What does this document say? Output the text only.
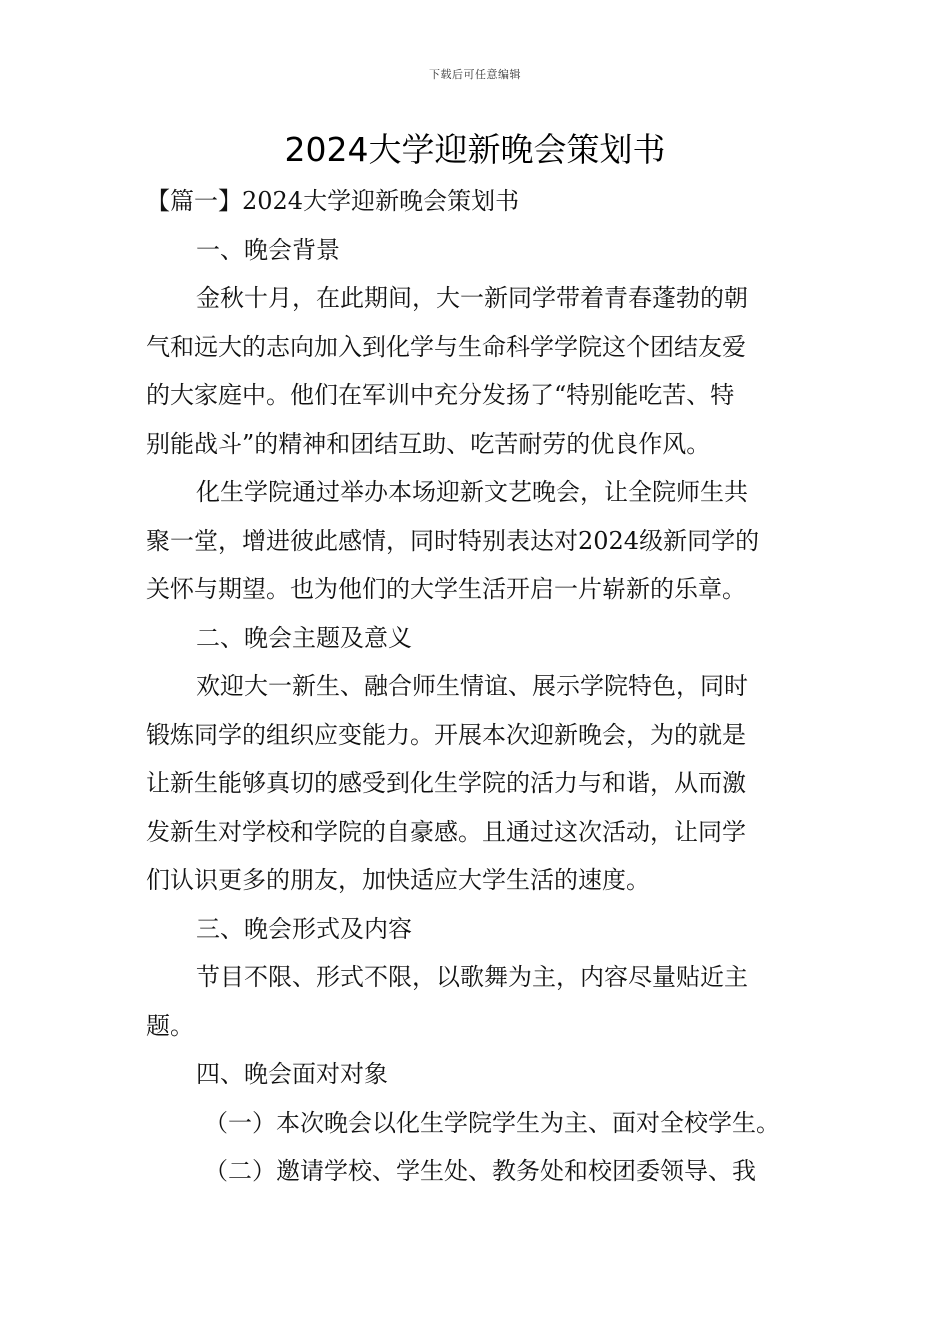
下载后可任意编辑
2024大学迎新晚会策划书
【篇一】2024大学迎新晚会策划书
一、晚会背景
金秋十月，在此期间，大一新同学带着青春蓬勃的朝
气和远大的志向加入到化学与生命科学学院这个团结友爱
的大家庭中。他们在军训中充分发扬了“特别能吃苦、特
别能战斗”的精神和团结互助、吃苦耐劳的优良作风。
化生学院通过举办本场迎新文艺晚会，让全院师生共
聚一堂，增进彼此感情，同时特别表达对2024级新同学的
关怀与期望。也为他们的大学生活开启一片崭新的乐章。
二、晚会主题及意义
欢迎大一新生、融合师生情谊、展示学院特色，同时
锻炼同学的组织应变能力。开展本次迎新晚会，为的就是
让新生能够真切的感受到化生学院的活力与和谐，从而激
发新生对学校和学院的自豪感。且通过这次活动，让同学
们认识更多的朋友，加快适应大学生活的速度。
三、晚会形式及内容
节目不限、形式不限，以歌舞为主，内容尽量贴近主
题。
四、晚会面对对象
（一）本次晚会以化生学院学生为主、面对全校学生。
（二）邀请学校、学生处、教务处和校团委领导、我
